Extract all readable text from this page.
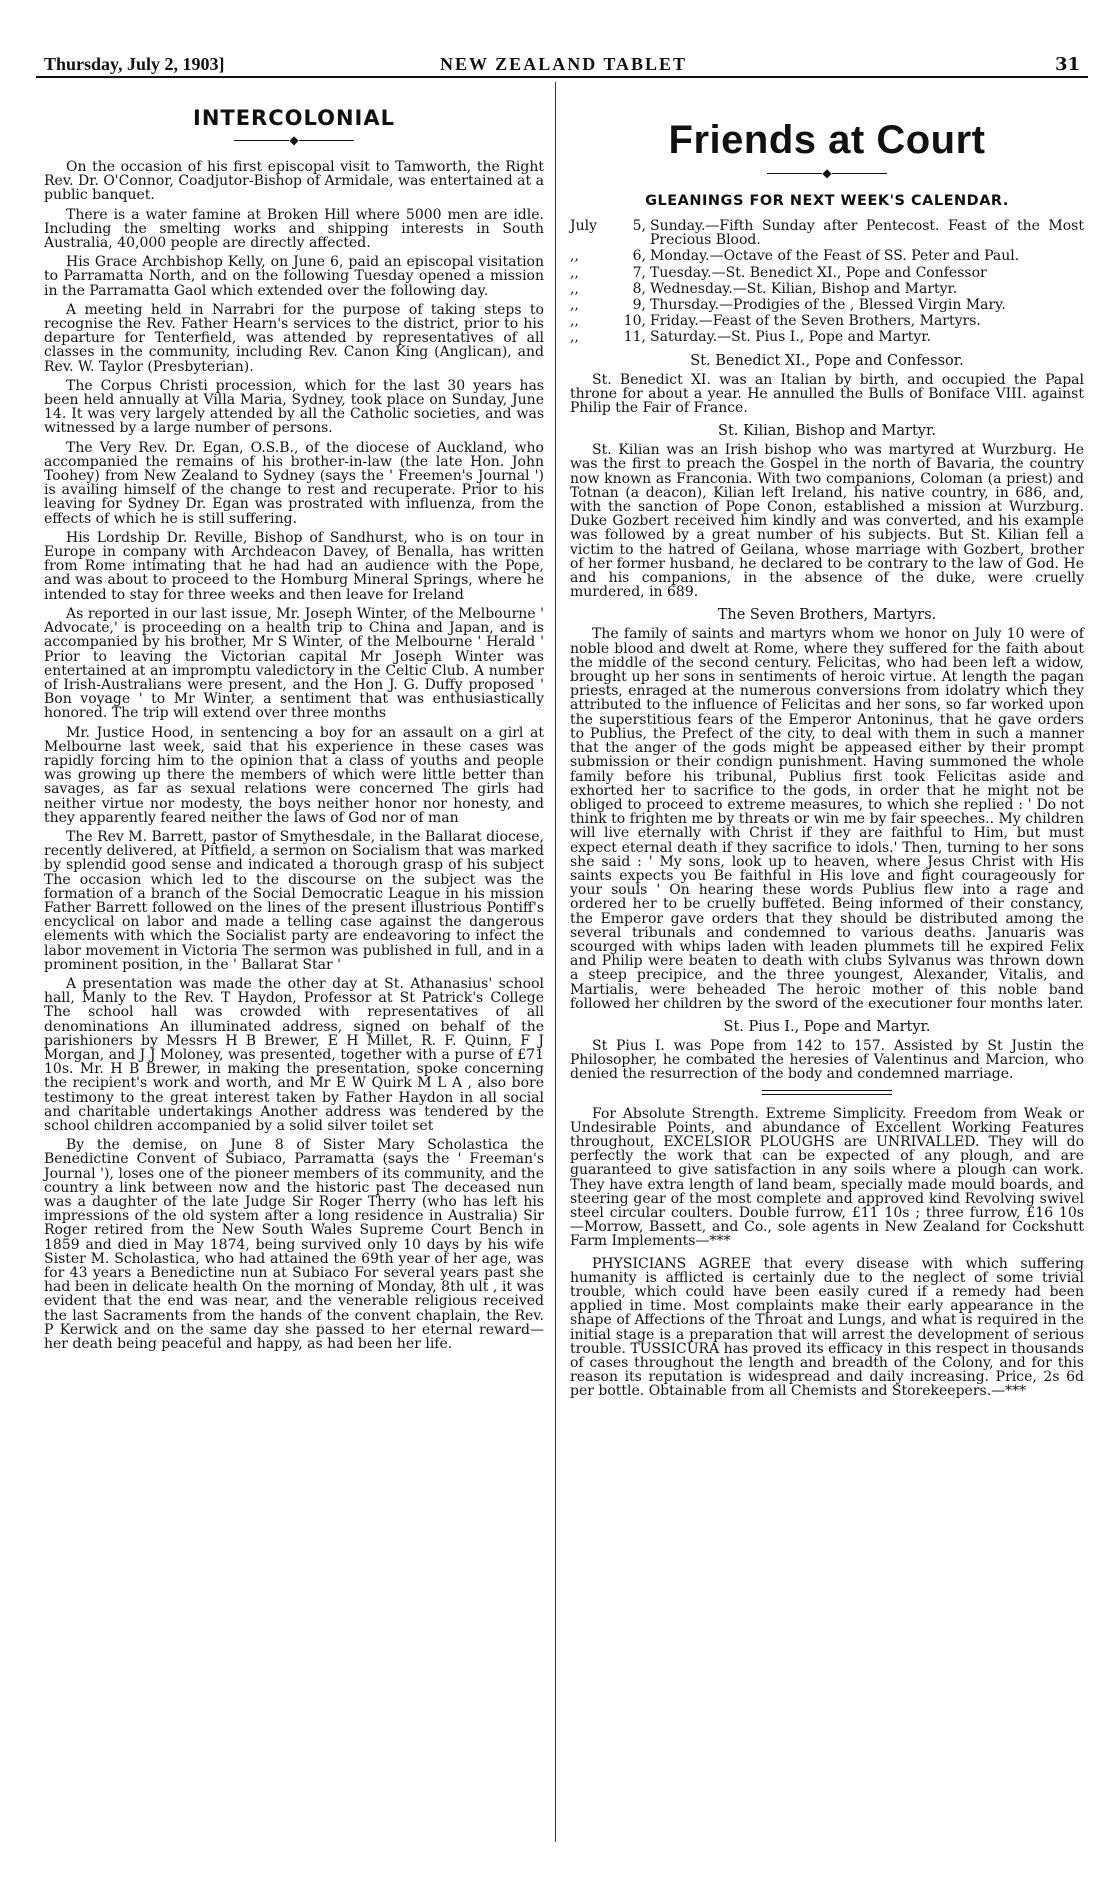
Thursday, July 2, 1903]	NEW ZEALAND TABLET	31
INTERCOLONIAL
◆

On the occasion of his first episcopal visit to Tamworth, the Right Rev. Dr. O'Connor, Coadjutor-Bishop of Armidale, was entertained at a public banquet.

There is a water famine at Broken Hill where 5000 men are idle. Including the smelting works and shipping interests in South Australia, 40,000 people are directly affected.

His Grace Archbishop Kelly, on June 6, paid an episcopal visitation to Parramatta North, and on the following Tuesday opened a mission in the Parramatta Gaol which extended over the following day.

A meeting held in Narrabri for the purpose of taking steps to recognise the Rev. Father Hearn's services to the district, prior to his departure for Tenterfield, was attended by representatives of all classes in the community, including Rev. Canon King (Anglican), and Rev. W. Taylor (Presbyterian).

The Corpus Christi procession, which for the last 30 years has been held annually at Villa Maria, Sydney, took place on Sunday, June 14. It was very largely attended by all the Catholic societies, and was witnessed by a large number of persons.

The Very Rev. Dr. Egan, O.S.B., of the diocese of Auckland, who accompanied the remains of his brother-in-law (the late Hon. John Toohey) from New Zealand to Sydney (says the ' Freemen's Journal ') is availing himself of the change to rest and recuperate. Prior to his leaving for Sydney Dr. Egan was prostrated with influenza, from the effects of which he is still suffering.

His Lordship Dr. Reville, Bishop of Sandhurst, who is on tour in Europe in company with Archdeacon Davey, of Benalla, has written from Rome intimating that he had had an audience with the Pope, and was about to proceed to the Homburg Mineral Springs, where he intended to stay for three weeks and then leave for Ireland

As reported in our last issue, Mr. Joseph Winter, of the Melbourne ' Advocate,' is proceeding on a health trip to China and Japan, and is accompanied by his brother, Mr S Winter, of the Melbourne ' Herald ' Prior to leaving the Victorian capital Mr Joseph Winter was entertained at an impromptu valedictory in the Celtic Club. A number of Irish-Australians were present, and the Hon J. G. Duffy proposed ' Bon voyage ' to Mr Winter, a sentiment that was enthusiastically honored. The trip will extend over three months

Mr. Justice Hood, in sentencing a boy for an assault on a girl at Melbourne last week, said that his experience in these cases was rapidly forcing him to the opinion that a class of youths and people was growing up there the members of which were little better than savages, as far as sexual relations were concerned The girls had neither virtue nor modesty, the boys neither honor nor honesty, and they apparently feared neither the laws of God nor of man

The Rev M. Barrett, pastor of Smythesdale, in the Ballarat diocese, recently delivered, at Pitfield, a sermon on Socialism that was marked by splendid good sense and indicated a thorough grasp of his subject The occasion which led to the discourse on the subject was the formation of a branch of the Social Democratic League in his mission Father Barrett followed on the lines of the present illustrious Pontiff's encyclical on labor and made a telling case against the dangerous elements with which the Socialist party are endeavoring to infect the labor movement in Victoria The sermon was published in full, and in a prominent position, in the ' Ballarat Star '

A presentation was made the other day at St. Athanasius' school hall, Manly to the Rev. T Haydon, Professor at St Patrick's College The school hall was crowded with representatives of all denominations An illuminated address, signed on behalf of the parishioners by Messrs H B Brewer, E H Millet, R. F. Quinn, F J Morgan, and J J Moloney, was presented, together with a purse of £71 10s. Mr. H B Brewer, in making the presentation, spoke concerning the recipient's work and worth, and Mr E W Quirk M L A , also bore testimony to the great interest taken by Father Haydon in all social and charitable undertakings Another address was tendered by the school children accompanied by a solid silver toilet set

By the demise, on June 8 of Sister Mary Scholastica the Benedictine Convent of Subiaco, Parramatta (says the ' Freeman's Journal '), loses one of the pioneer members of its community, and the country a link between now and the historic past The deceased nun was a daughter of the late Judge Sir Roger Therry (who has left his impressions of the old system after a long residence in Australia) Sir Roger retired from the New South Wales Supreme Court Bench in 1859 and died in May 1874, being survived only 10 days by his wife Sister M. Scholastica, who had attained the 69th year of her age, was for 43 years a Benedictine nun at Subiaco For several years past she had been in delicate health On the morning of Monday, 8th ult , it was evident that the end was near, and the venerable religious received the last Sacraments from the hands of the convent chaplain, the Rev. P Kerwick and on the same day she passed to her eternal reward—her death being peaceful and happy, as had been her life.

Friends at Court
◆
GLEANINGS FOR NEXT WEEK'S CALENDAR.
July	5, Sunday.—Fifth Sunday after Pentecost. Feast of the Most Precious Blood.
,,	6, Monday.—Octave of the Feast of SS. Peter and Paul.
,,	7, Tuesday.—St. Benedict XI., Pope and Confessor
,,	8, Wednesday.—St. Kilian, Bishop and Martyr.
,,	9, Thursday.—Prodigies of the , Blessed Virgin Mary.
,,	10, Friday.—Feast of the Seven Brothers, Martyrs.
,,	11, Saturday.—St. Pius I., Pope and Martyr.
St. Benedict XI., Pope and Confessor.

St. Benedict XI. was an Italian by birth, and occupied the Papal throne for about a year. He annulled the Bulls of Boniface VIII. against Philip the Fair of France.

St. Kilian, Bishop and Martyr.

St. Kilian was an Irish bishop who was martyred at Wurzburg. He was the first to preach the Gospel in the north of Bavaria, the country now known as Franconia. With two companions, Coloman (a priest) and Totnan (a deacon), Kilian left Ireland, his native country, in 686, and, with the sanction of Pope Conon, established a mission at Wurzburg. Duke Gozbert received him kindly and was converted, and his example was followed by a great number of his subjects. But St. Kilian fell a victim to the hatred of Geilana, whose marriage with Gozbert, brother of her former husband, he declared to be contrary to the law of God. He and his companions, in the absence of the duke, were cruelly murdered, in 689.

The Seven Brothers, Martyrs.

The family of saints and martyrs whom we honor on July 10 were of noble blood and dwelt at Rome, where they suffered for the faith about the middle of the second century. Felicitas, who had been left a widow, brought up her sons in sentiments of heroic virtue. At length the pagan priests, enraged at the numerous conversions from idolatry which they attributed to the influence of Felicitas and her sons, so far worked upon the superstitious fears of the Emperor Antoninus, that he gave orders to Publius, the Prefect of the city, to deal with them in such a manner that the anger of the gods might be appeased either by their prompt submission or their condign punishment. Having summoned the whole family before his tribunal, Publius first took Felicitas aside and exhorted her to sacrifice to the gods, in order that he might not be obliged to proceed to extreme measures, to which she replied : ' Do not think to frighten me by threats or win me by fair speeches.. My children will live eternally with Christ if they are faithful to Him, but must expect eternal death if they sacrifice to idols.' Then, turning to her sons she said : ' My sons, look up to heaven, where Jesus Christ with His saints expects you Be faithful in His love and fight courageously for your souls ' On hearing these words Publius flew into a rage and ordered her to be cruelly buffeted. Being informed of their constancy, the Emperor gave orders that they should be distributed among the several tribunals and condemned to various deaths. Januaris was scourged with whips laden with leaden plummets till he expired Felix and Philip were beaten to death with clubs Sylvanus was thrown down a steep precipice, and the three youngest, Alexander, Vitalis, and Martialis, were beheaded The heroic mother of this noble band followed her children by the sword of the executioner four months later.

St. Pius I., Pope and Martyr.

St Pius I. was Pope from 142 to 157. Assisted by St Justin the Philosopher, he combated the heresies of Valentinus and Marcion, who denied the resurrection of the body and condemned marriage.

For Absolute Strength. Extreme Simplicity. Freedom from Weak or Undesirable Points, and abundance of Excellent Working Features throughout, EXCELSIOR PLOUGHS are UNRIVALLED. They will do perfectly the work that can be expected of any plough, and are guaranteed to give satisfaction in any soils where a plough can work. They have extra length of land beam, specially made mould boards, and steering gear of the most complete and approved kind Revolving swivel steel circular coulters. Double furrow, £11 10s ; three furrow, £16 10s —Morrow, Bassett, and Co., sole agents in New Zealand for Cockshutt Farm Implements—***

PHYSICIANS AGREE that every disease with which suffering humanity is afflicted is certainly due to the neglect of some trivial trouble, which could have been easily cured if a remedy had been applied in time. Most complaints make their early appearance in the shape of Affections of the Throat and Lungs, and what is required in the initial stage is a preparation that will arrest the development of serious trouble. TUSSICURA has proved its efficacy in this respect in thousands of cases throughout the length and breadth of the Colony, and for this reason its reputation is widespread and daily increasing. Price, 2s 6d per bottle. Obtainable from all Chemists and Storekeepers.—***
